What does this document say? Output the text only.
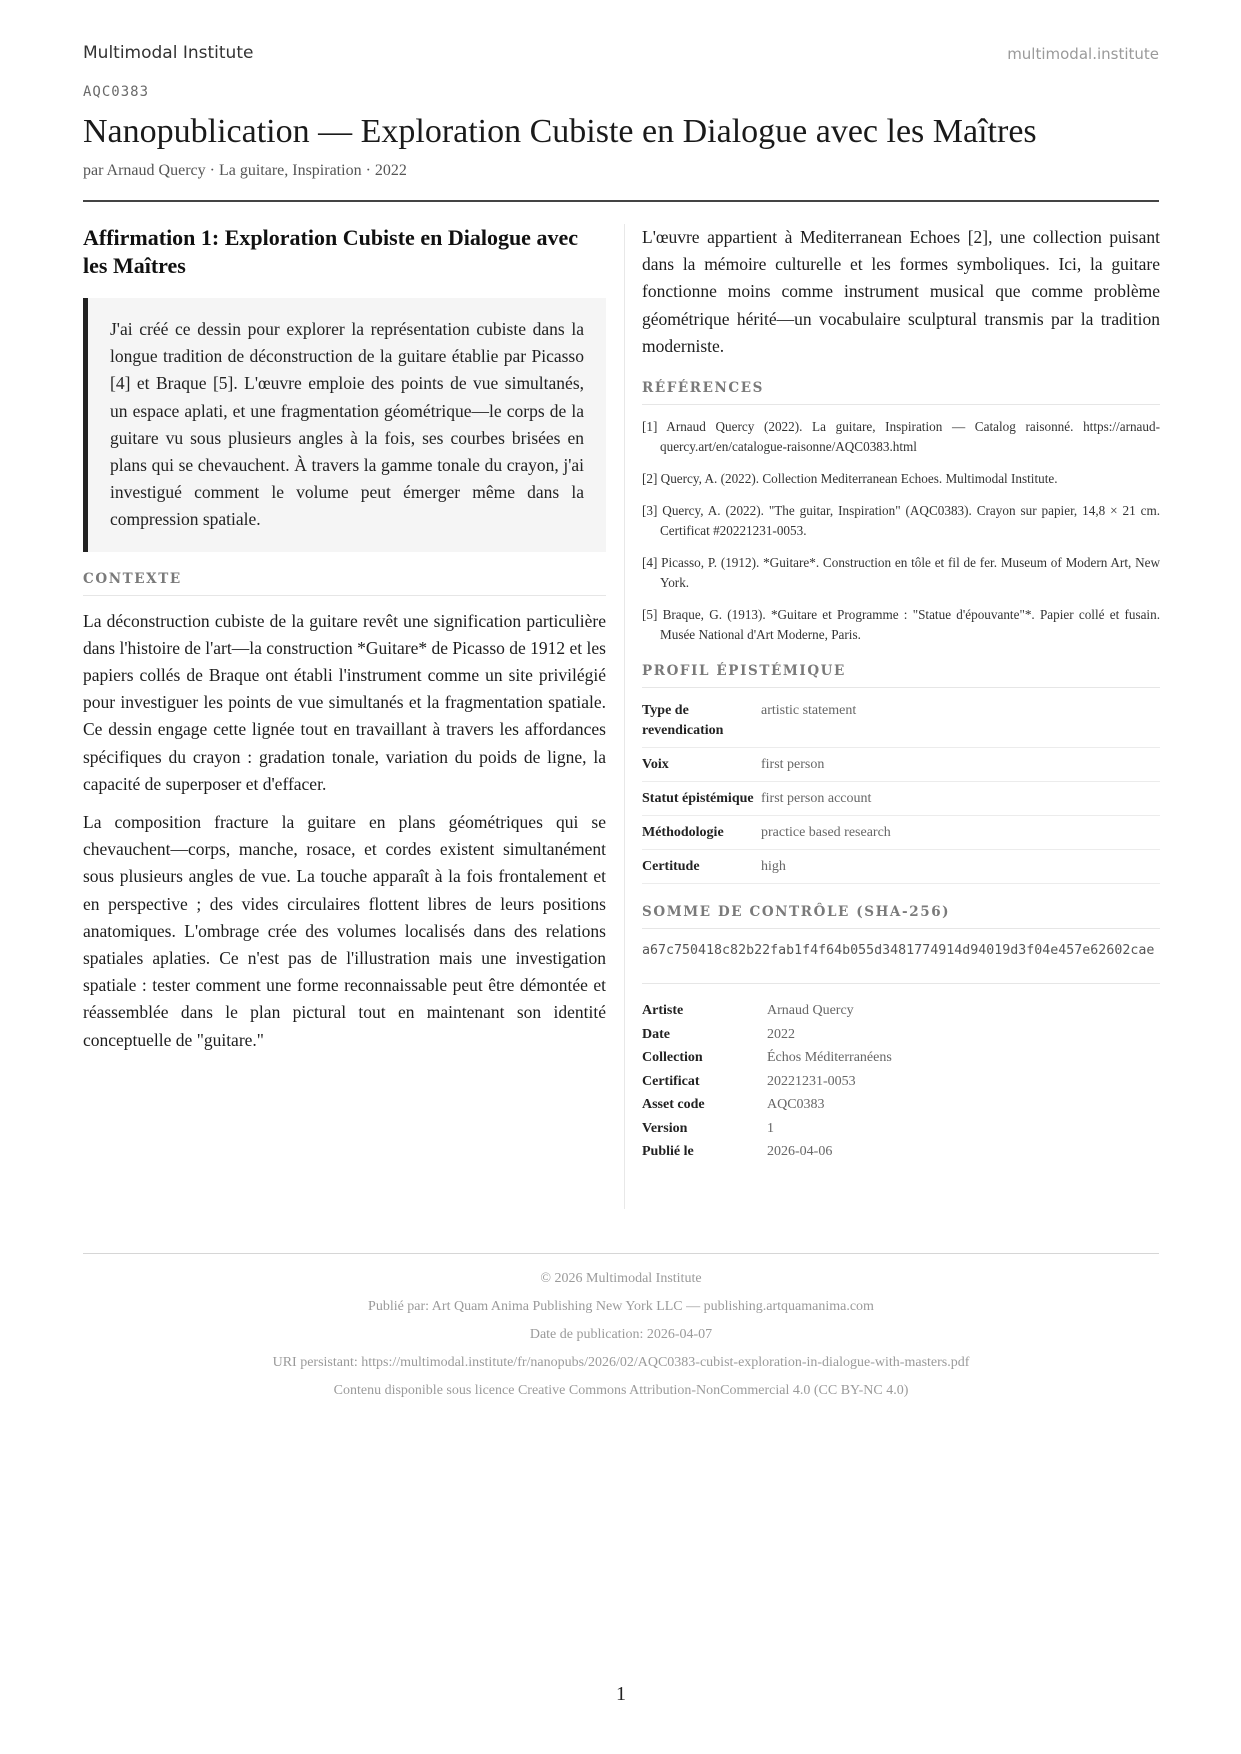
Multimodal Institute	multimodal.institute
AQC0383
Nanopublication — Exploration Cubiste en Dialogue avec les Maîtres
par Arnaud Quercy · La guitare, Inspiration · 2022
Affirmation 1: Exploration Cubiste en Dialogue avec les Maîtres
J'ai créé ce dessin pour explorer la représentation cubiste dans la longue tradition de déconstruction de la guitare établie par Picasso [4] et Braque [5]. L'œuvre emploie des points de vue simultanés, un espace aplati, et une fragmentation géométrique—le corps de la guitare vu sous plusieurs angles à la fois, ses courbes brisées en plans qui se chevauchent. À travers la gamme tonale du crayon, j'ai investigué comment le volume peut émerger même dans la compression spatiale.
CONTEXTE

La déconstruction cubiste de la guitare revêt une signification particulière dans l'histoire de l'art—la construction *Guitare* de Picasso de 1912 et les papiers collés de Braque ont établi l'instrument comme un site privilégié pour investiguer les points de vue simultanés et la fragmentation spatiale. Ce dessin engage cette lignée tout en travaillant à travers les affordances spécifiques du crayon : gradation tonale, variation du poids de ligne, la capacité de superposer et d'effacer.

La composition fracture la guitare en plans géométriques qui se chevauchent—corps, manche, rosace, et cordes existent simultanément sous plusieurs angles de vue. La touche apparaît à la fois frontalement et en perspective ; des vides circulaires flottent libres de leurs positions anatomiques. L'ombrage crée des volumes localisés dans des relations spatiales aplaties. Ce n'est pas de l'illustration mais une investigation spatiale : tester comment une forme reconnaissable peut être démontée et réassemblée dans le plan pictural tout en maintenant son identité conceptuelle de "guitare."

L'œuvre appartient à Mediterranean Echoes [2], une collection puisant dans la mémoire culturelle et les formes symboliques. Ici, la guitare fonctionne moins comme instrument musical que comme problème géométrique hérité—un vocabulaire sculptural transmis par la tradition moderniste.

RÉFÉRENCES
[1] Arnaud Quercy (2022). La guitare, Inspiration — Catalog raisonné. https://arnaud-quercy.art/en/catalogue-raisonne/AQC0383.html
[2] Quercy, A. (2022). Collection Mediterranean Echoes. Multimodal Institute.
[3] Quercy, A. (2022). "The guitar, Inspiration" (AQC0383). Crayon sur papier, 14,8 × 21 cm. Certificat #20221231-0053.
[4] Picasso, P. (1912). *Guitare*. Construction en tôle et fil de fer. Museum of Modern Art, New York.
[5] Braque, G. (1913). *Guitare et Programme : "Statue d'épouvante"*. Papier collé et fusain. Musée National d'Art Moderne, Paris.
PROFIL ÉPISTÉMIQUE
Type de revendication	artistic statement
Voix	first person
Statut épistémique	first person account
Méthodologie	practice based research
Certitude	high
SOMME DE CONTRÔLE (SHA-256)
a67c750418c82b22fab1f4f64b055d3481774914d94019d3f04e457e62602cae
Artiste	Arnaud Quercy
Date	2022
Collection	Échos Méditerranéens
Certificat	20221231-0053
Asset code	AQC0383
Version	1
Publié le	2026-04-06
© 2026 Multimodal Institute
Publié par: Art Quam Anima Publishing New York LLC — publishing.artquamanima.com
Date de publication: 2026-04-07
URI persistant: https://multimodal.institute/fr/nanopubs/2026/02/AQC0383-cubist-exploration-in-dialogue-with-masters.pdf
Contenu disponible sous licence Creative Commons Attribution-NonCommercial 4.0 (CC BY-NC 4.0)
1
